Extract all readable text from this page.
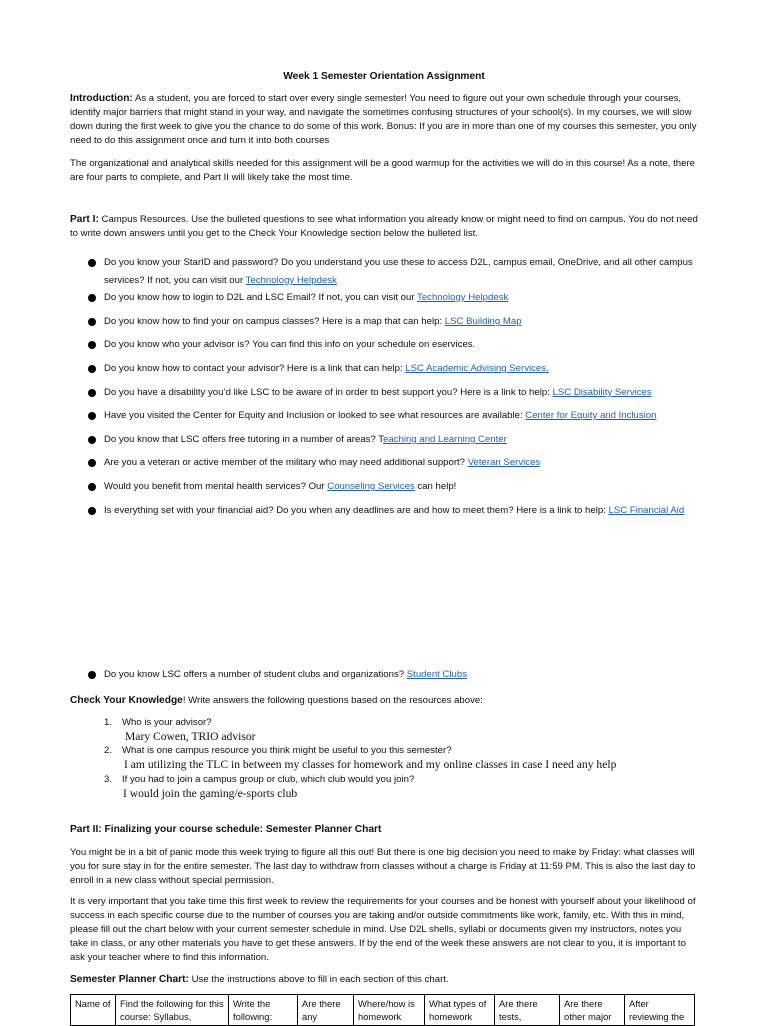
Week 1 Semester Orientation Assignment

Introduction: As a student, you are forced to start over every single semester! You need to figure out your own schedule through your courses, identify major barriers that might stand in your way, and navigate the sometimes confusing structures of your school(s). In my courses, we will slow down during the first week to give you the chance to do some of this work. Bonus: If you are in more than one of my courses this semester, you only need to do this assignment once and turn it into both courses

The organizational and analytical skills needed for this assignment will be a good warmup for the activities we will do in this course! As a note, there are four parts to complete, and Part II will likely take the most time.

Part I: Campus Resources. Use the bulleted questions to see what information you already know or might need to find on campus. You do not need to write down answers until you get to the Check Your Knowledge section below the bulleted list.

Do you know your StarID and password? Do you understand you use these to access D2L, campus email, OneDrive, and all other campus services? If not, you can visit our Technology Helpdesk
Do you know how to login to D2L and LSC Email? If not, you can visit our Technology Helpdesk
Do you know how to find your on campus classes? Here is a map that can help: LSC Building Map
Do you know who your advisor is? You can find this info on your schedule on eservices.
Do you know how to contact your advisor? Here is a link that can help: LSC Academic Advising Services.
Do you have a disability you’d like LSC to be aware of in order to best support you? Here is a link to help: LSC Disability Services
Have you visited the Center for Equity and Inclusion or looked to see what resources are available: Center for Equity and Inclusion
Do you know that LSC offers free tutoring in a number of areas? Teaching and Learning Center
Are you a veteran or active member of the military who may need additional support? Veteran Services
Would you benefit from mental health services? Our Counseling Services can help!
Is everything set with your financial aid? Do you when any deadlines are and how to meet them? Here is a link to help: LSC Financial Aid
Do you know LSC offers a number of student clubs and organizations? Student Clubs

Check Your Knowledge! Write answers the following questions based on the resources above:

1. Who is your advisor?
Mary Cowen, TRIO advisor
2. What is one campus resource you think might be useful to you this semester?
I am utilizing the TLC in between my classes for homework and my online classes in case I need any help
3. If you had to join a campus group or club, which club would you join?
I would join the gaming/e-sports club

Part II: Finalizing your course schedule: Semester Planner Chart

You might be in a bit of panic mode this week trying to figure all this out! But there is one big decision you need to make by Friday: what classes will you for sure stay in for the entire semester. The last day to withdraw from classes without a charge is Friday at 11:59 PM. This is also the last day to enroll in a new class without special permission.

It is very important that you take time this first week to review the requirements for your courses and be honest with yourself about your likelihood of success in each specific course due to the number of courses you are taking and/or outside commitments like work, family, etc. With this in mind, please fill out the chart below with your current semester schedule in mind. Use D2L shells, syllabi or documents given my instructors, notes you take in class, or any other materials you have to get these answers. If by the end of the week these answers are not clear to you, it is important to ask your teacher where to find this information.

Semester Planner Chart: Use the instructions above to fill in each section of this chart.

Name of	Find the following for this course: Syllabus,	Write the following:	Are there any	Where/how is homework	What types of homework	Are there tests,	Are there other major	After reviewing the
